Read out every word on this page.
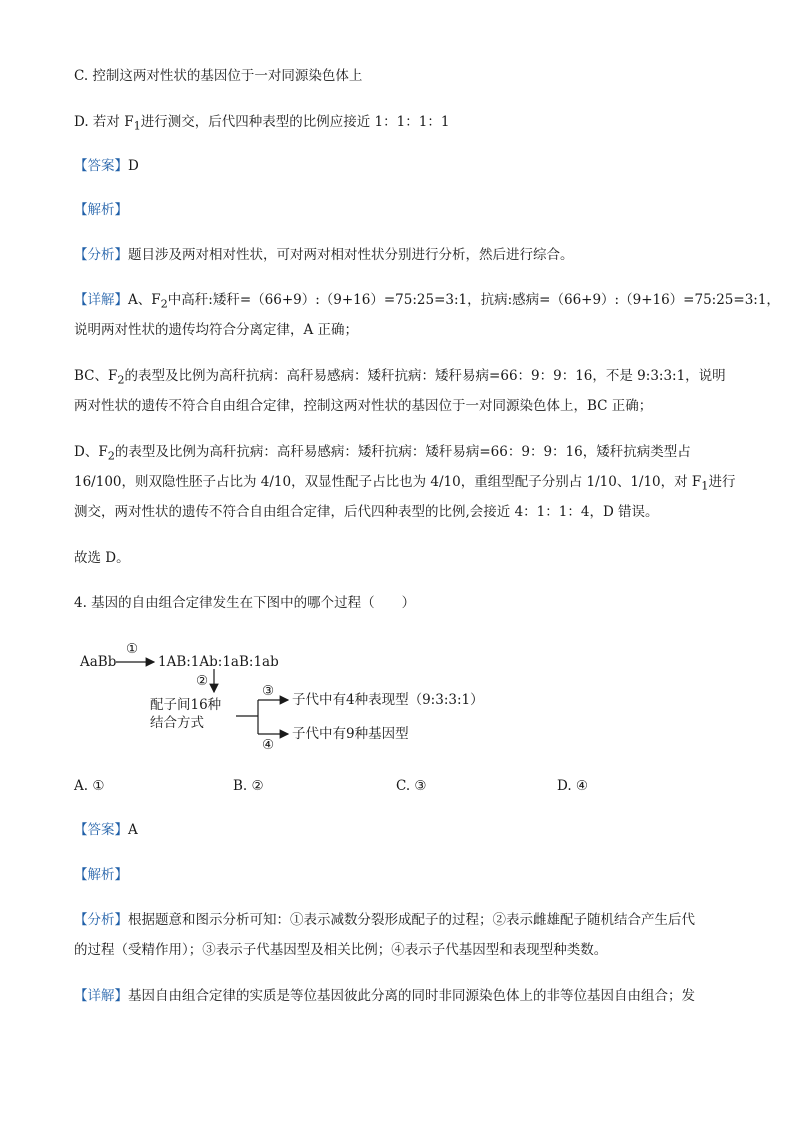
C. 控制这两对性状的基因位于一对同源染色体上
D. 若对 $F_1$进行测交，后代四种表型的比例应接近 1：1：1：1
【答案】D
【解析】
【分析】题目涉及两对相对性状，可对两对相对性状分别进行分析，然后进行综合。
【详解】A、$F_2$中高秆:矮秆=（66+9）:（9+16）=75:25=3:1，抗病:感病=（66+9）:（9+16）=75:25=3:1，
说明两对性状的遗传均符合分离定律，A 正确；
BC、$F_2$的表型及比例为高秆抗病：高秆易感病：矮秆抗病：矮秆易病=66：9：9：16，不是 9:3:3:1，说明
两对性状的遗传不符合自由组合定律，控制这两对性状的基因位于一对同源染色体上，BC 正确；
D、$F_2$的表型及比例为高秆抗病：高秆易感病：矮秆抗病：矮秆易病=66：9：9：16，矮秆抗病类型占
16/100，则双隐性胚子占比为 4/10，双显性配子占比也为 4/10，重组型配子分别占 1/10、1/10，对 $F_1$进行
测交，两对性状的遗传不符合自由组合定律，后代四种表型的比例,会接近 4：1：1：4，D 错误。
故选 D。
4. 基因的自由组合定律发生在下图中的哪个过程（　　）
AaBb
①
1AB:1Ab:1aB:1ab
②
配子间16种
结合方式
③
子代中有4种表现型（9:3:3:1）
④
子代中有9种基因型
A. ①	B. ②	C. ③	D. ④
【答案】A
【解析】
【分析】根据题意和图示分析可知：①表示减数分裂形成配子的过程；②表示雌雄配子随机结合产生后代
的过程（受精作用）；③表示子代基因型及相关比例；④表示子代基因型和表现型种类数。
【详解】基因自由组合定律的实质是等位基因彼此分离的同时非同源染色体上的非等位基因自由组合；发
